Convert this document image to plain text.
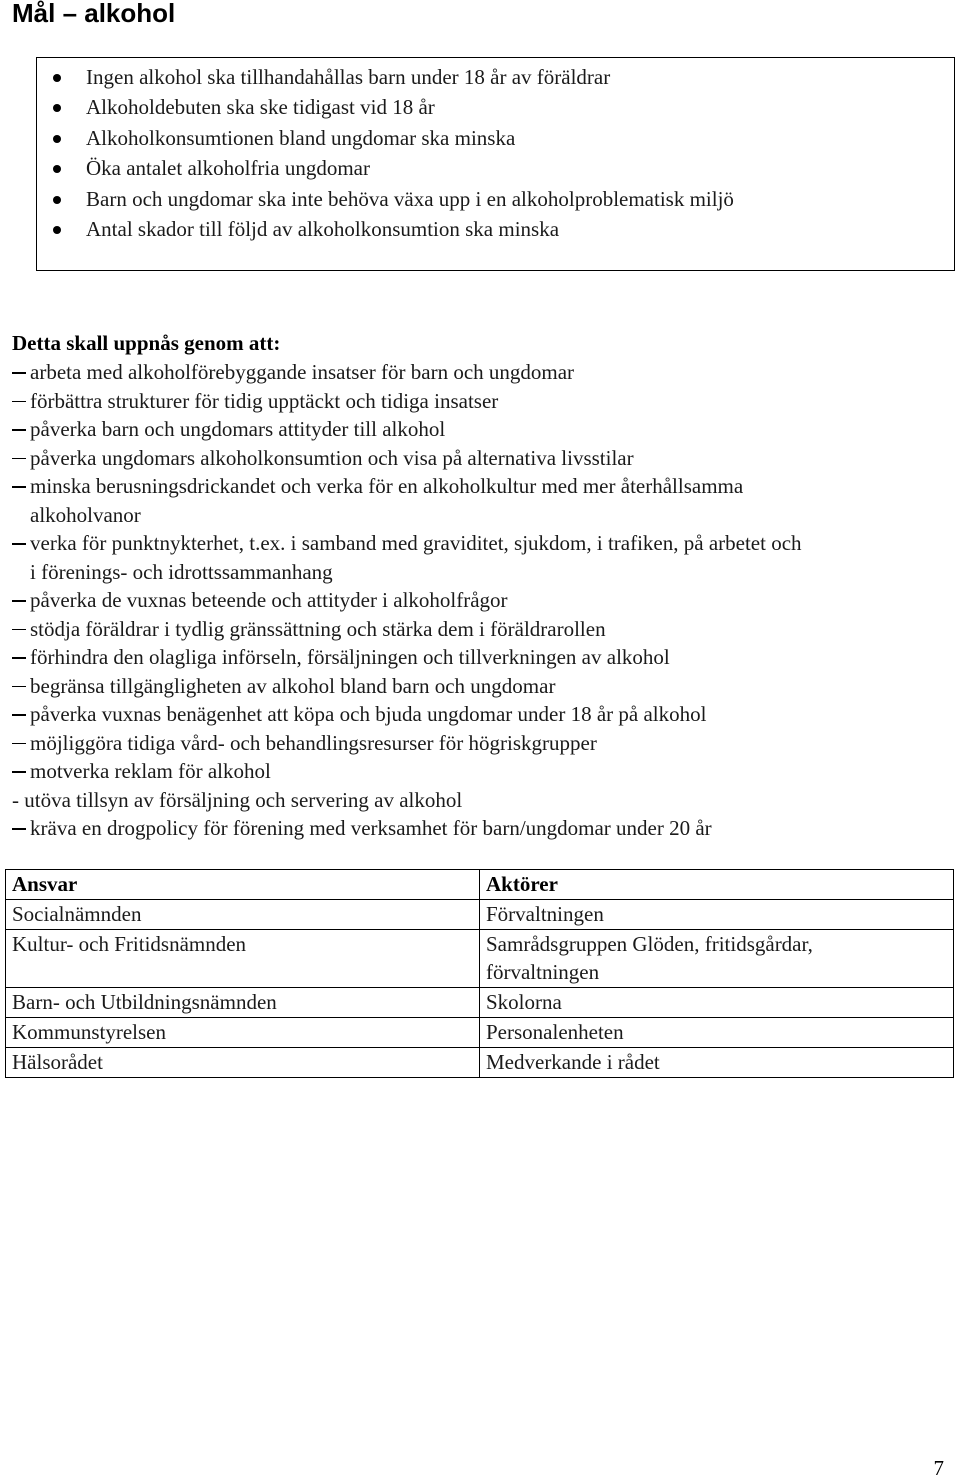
Mål – alkohol
Ingen alkohol ska tillhandahållas barn under 18 år av föräldrar
Alkoholdebuten ska ske tidigast vid 18 år
Alkoholkonsumtionen bland ungdomar ska minska
Öka antalet alkoholfria ungdomar
Barn och ungdomar ska inte behöva växa upp i en alkoholproblematisk miljö
Antal skador till följd av alkoholkonsumtion ska minska
Detta skall uppnås genom att:
arbeta med alkoholförebyggande insatser för barn och ungdomar
förbättra strukturer för tidig upptäckt och tidiga insatser
påverka barn och ungdomars attityder till alkohol
påverka ungdomars alkoholkonsumtion och visa på alternativa livsstilar
minska berusningsdrickandet och verka för en alkoholkultur med mer återhållsamma
alkoholvanor
verka för punktnykterhet, t.ex. i samband med graviditet, sjukdom, i trafiken, på arbetet och
i förenings- och idrottssammanhang
påverka de vuxnas beteende och attityder i alkoholfrågor
stödja föräldrar i tydlig gränssättning och stärka dem i föräldrarollen
förhindra den olagliga införseln, försäljningen och tillverkningen av alkohol
begränsa tillgängligheten av alkohol bland barn och ungdomar
påverka vuxnas benägenhet att köpa och bjuda ungdomar under 18 år på alkohol
möjliggöra tidiga vård- och behandlingsresurser för högriskgrupper
motverka reklam för alkohol
- utöva tillsyn av försäljning och servering av alkohol
kräva en drogpolicy för förening med verksamhet för barn/ungdomar under 20 år
Ansvar	Aktörer

Socialnämnden	Förvaltningen

Kultur- och Fritidsnämnden	Samrådsgruppen Glöden, fritidsgårdar,
förvaltningen

Barn- och Utbildningsnämnden	Skolorna

Kommunstyrelsen	Personalenheten

Hälsorådet	Medverkande i rådet
7
